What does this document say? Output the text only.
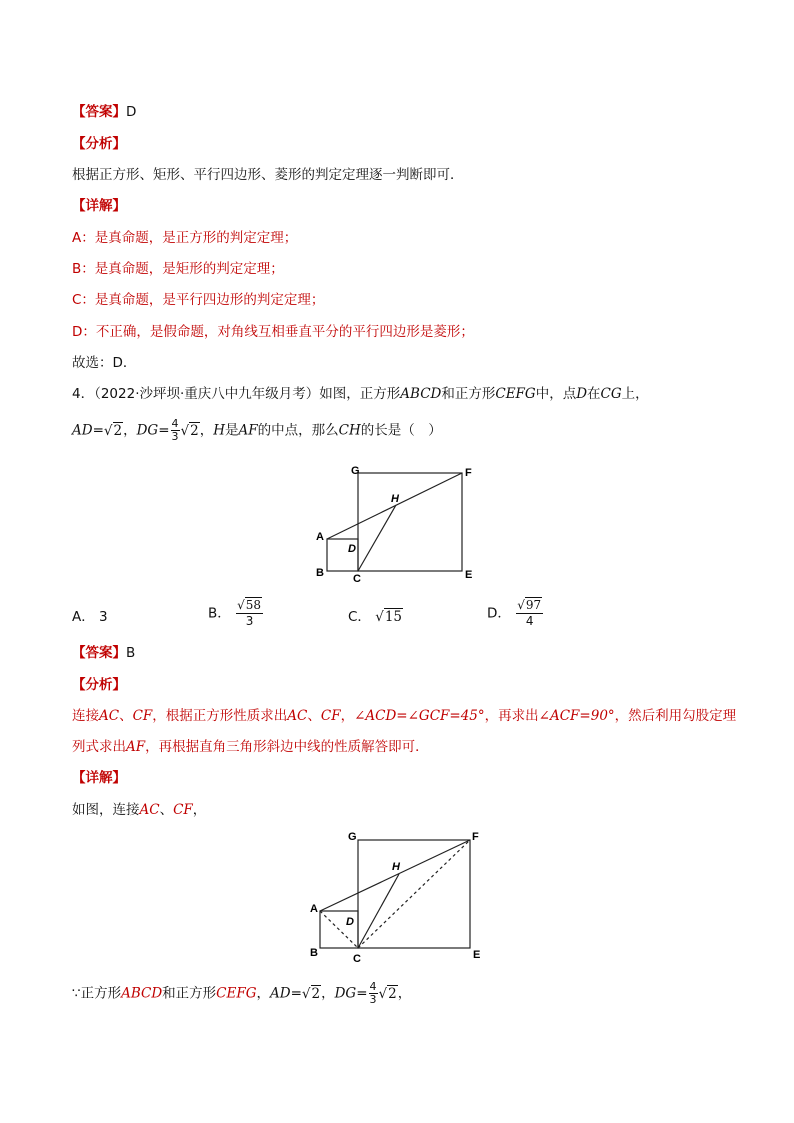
【答案】D
【分析】
根据正方形、矩形、平行四边形、菱形的判定定理逐一判断即可．
【详解】
A：是真命题，是正方形的判定定理；
B：是真命题，是矩形的判定定理；
C：是真命题，是平行四边形的判定定理；
D：不正确，是假命题，对角线互相垂直平分的平行四边形是菱形；
故选：D．
4．（2022·沙坪坝·重庆八中九年级月考）如图，正方形ABCD和正方形CEFG中，点D在CG上，
AD=√2，$DG= \frac{4}{3} √2$，H是AF的中点，那么CH的长是（　）
G	F
H
A
D
B	C	E
A． 3	B． $\frac{√58}{3}$	C． √15	D． $\frac{√97}{4}$
【答案】B
【分析】
连接AC、CF，根据正方形性质求出AC、CF，∠ACD=∠GCF=45°，再求出∠ACF=90°，然后利用勾股定理
列式求出AF，再根据直角三角形斜边中线的性质解答即可．
【详解】
如图，连接AC、CF，
G	F
H
A
D
B	C	E
∵正方形ABCD和正方形CEFG，AD=√2，$DG= \frac{4}{3} √2$，
